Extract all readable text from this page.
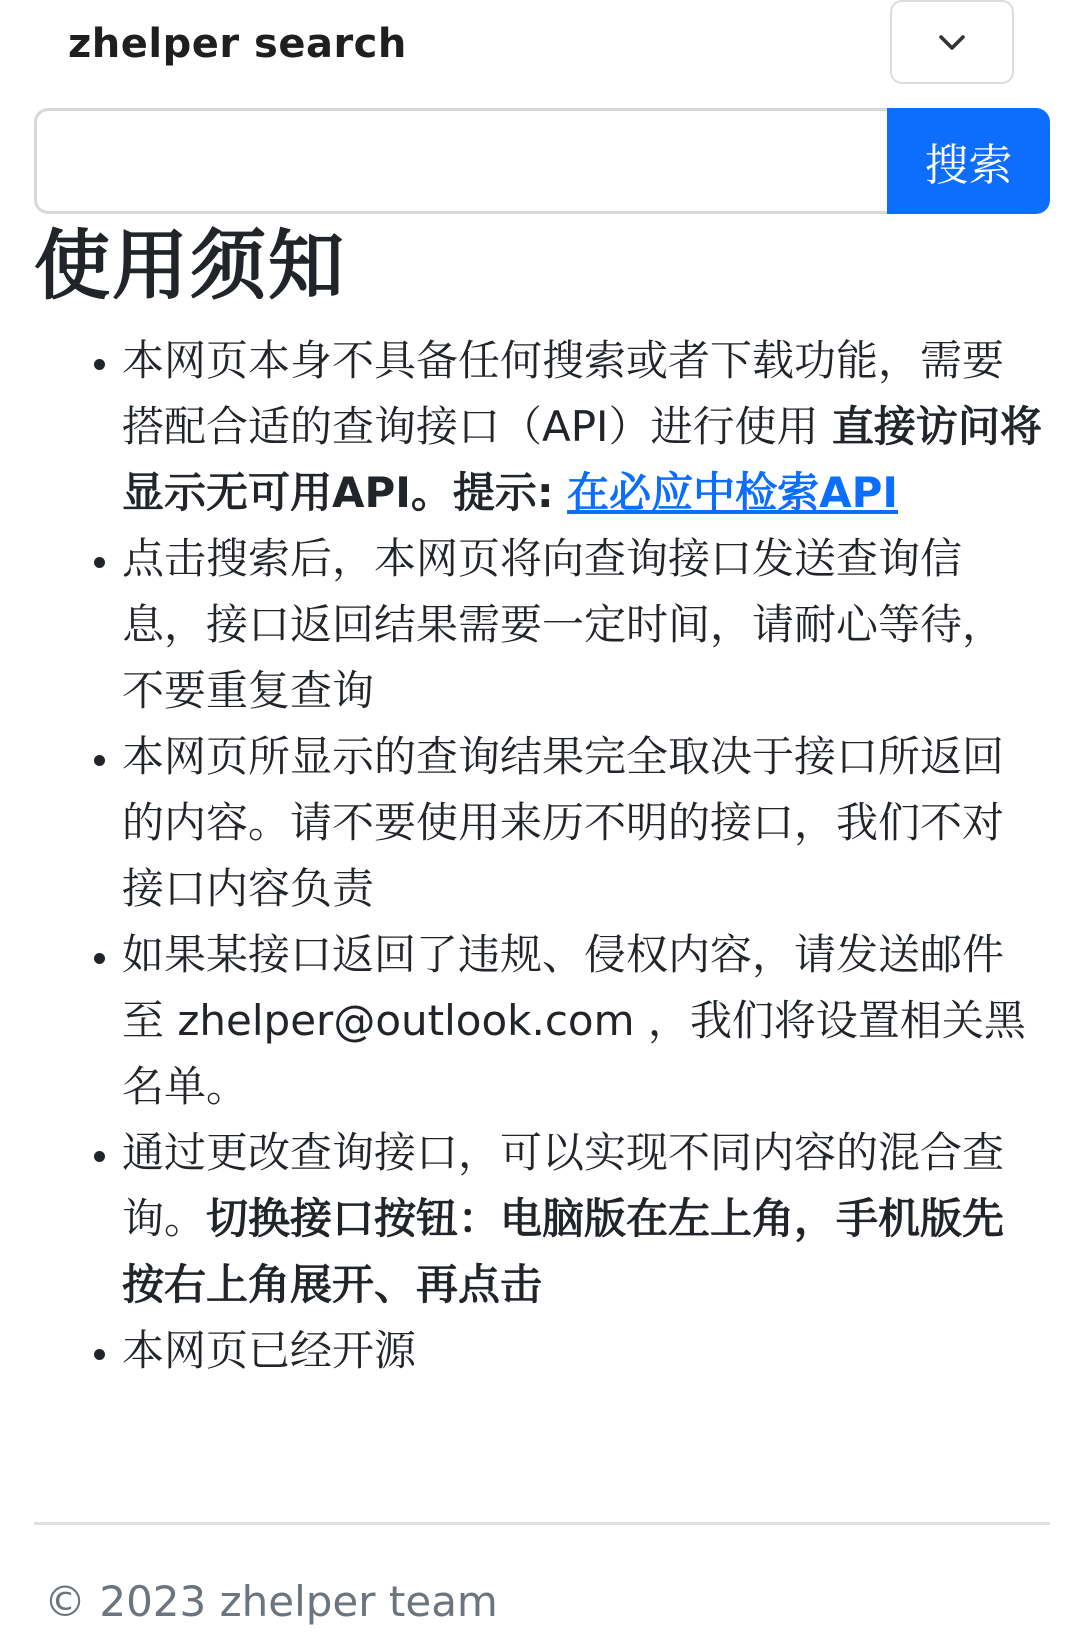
zhelper search
搜索
使用须知
• 本网页本身不具备任何搜索或者下载功能，需要搭配合适的查询接口（API）进行使用 直接访问将显示无可用API。提示: 在必应中检索API
• 点击搜索后，本网页将向查询接口发送查询信息，接口返回结果需要一定时间，请耐心等待，不要重复查询
• 本网页所显示的查询结果完全取决于接口所返回的内容。请不要使用来历不明的接口，我们不对接口内容负责
• 如果某接口返回了违规、侵权内容，请发送邮件至 zhelper@outlook.com ，我们将设置相关黑名单。
• 通过更改查询接口，可以实现不同内容的混合查询。切换接口按钮：电脑版在左上角，手机版先按右上角展开、再点击
• 本网页已经开源
© 2023 zhelper team
